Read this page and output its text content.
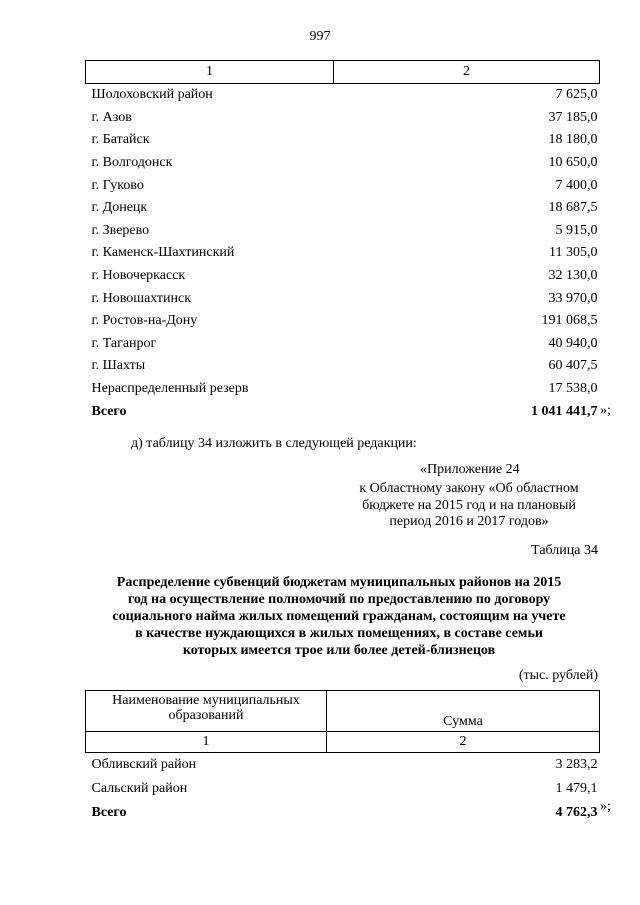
997
1	2
Шолоховский район	7 625,0
г. Азов	37 185,0
г. Батайск	18 180,0
г. Волгодонск	10 650,0
г. Гуково	7 400,0
г. Донецк	18 687,5
г. Зверево	5 915,0
г. Каменск-Шахтинский	11 305,0
г. Новочеркасск	32 130,0
г. Новошахтинск	33 970,0
г. Ростов-на-Дону	191 068,5
г. Таганрог	40 940,0
г. Шахты	60 407,5
Нераспределенный резерв	17 538,0
Всего	1 041 441,7 »;
д) таблицу 34 изложить в следующей редакции:
«Приложение 24
к Областному закону «Об областном
бюджете на 2015 год и на плановый
период 2016 и 2017 годов»
Таблица 34
Распределение субвенций бюджетам муниципальных районов на 2015
год на осуществление полномочий по предоставлению по договору
социального найма жилых помещений гражданам, состоящим на учете
в качестве нуждающихся в жилых помещениях, в составе семьи
которых имеется трое или более детей-близнецов
(тыс. рублей)
Наименование муниципальных
образований	Сумма
1	2
Обливский район	3 283,2
Сальский район	1 479,1
Всего	4 762,3 »;
